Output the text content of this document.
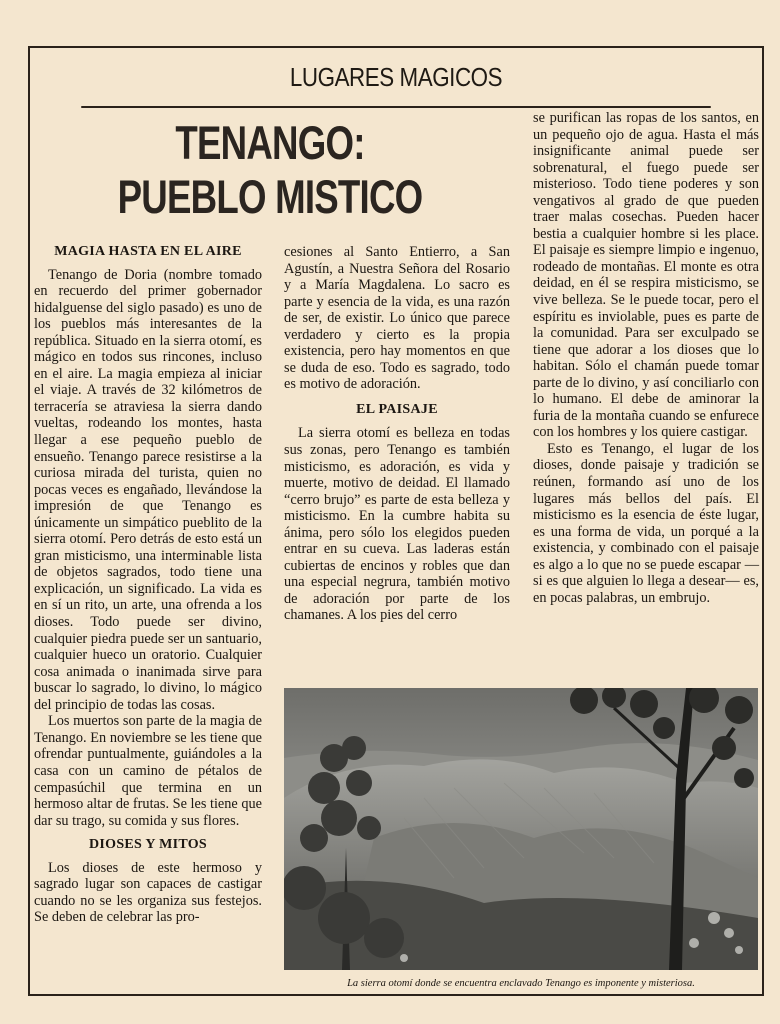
LUGARES MAGICOS
TENANGO:
PUEBLO MISTICO
MAGIA HASTA EN EL AIRE

Tenango de Doria (nombre tomado en recuerdo del primer gobernador hidalguense del siglo pasado) es uno de los pueblos más interesantes de la república. Situado en la sierra otomí, es mágico en todos sus rincones, incluso en el aire. La magia empieza al iniciar el viaje. A través de 32 kilómetros de terracería se atraviesa la sierra dando vueltas, rodeando los montes, hasta llegar a ese pequeño pueblo de ensueño. Tenango parece resistirse a la curiosa mirada del turista, quien no pocas veces es engañado, llevándose la impresión de que Tenango es únicamente un simpático pueblito de la sierra otomí. Pero detrás de esto está un gran misticismo, una interminable lista de objetos sagrados, todo tiene una explicación, un significado. La vida es en sí un rito, un arte, una ofrenda a los dioses. Todo puede ser divino, cualquier piedra puede ser un santuario, cualquier hueco un oratorio. Cualquier cosa animada o inanimada sirve para buscar lo sagrado, lo divino, lo mágico del principio de todas las cosas.

Los muertos son parte de la magia de Tenango. En noviembre se les tiene que ofrendar puntualmente, guiándoles a la casa con un camino de pétalos de cempasúchil que termina en un hermoso altar de frutas. Se les tiene que dar su trago, su comida y sus flores.

DIOSES Y MITOS

Los dioses de este hermoso y sagrado lugar son capaces de castigar cuando no se les organiza sus festejos. Se deben de celebrar las pro-

cesiones al Santo Entierro, a San Agustín, a Nuestra Señora del Rosario y a María Magdalena. Lo sacro es parte y esencia de la vida, es una razón de ser, de existir. Lo único que parece verdadero y cierto es la propia existencia, pero hay momentos en que se duda de eso. Todo es sagrado, todo es motivo de adoración.

EL PAISAJE

La sierra otomí es belleza en todas sus zonas, pero Tenango es también misticismo, es adoración, es vida y muerte, motivo de deidad. El llamado “cerro brujo” es parte de esta belleza y misticismo. En la cumbre habita su ánima, pero sólo los elegidos pueden entrar en su cueva. Las laderas están cubiertas de encinos y robles que dan una especial negrura, también motivo de adoración por parte de los chamanes. A los pies del cerro

se purifican las ropas de los santos, en un pequeño ojo de agua. Hasta el más insignificante animal puede ser sobrenatural, el fuego puede ser misterioso. Todo tiene poderes y son vengativos al grado de que pueden traer malas cosechas. Pueden hacer bestia a cualquier hombre si les place. El paisaje es siempre limpio e ingenuo, rodeado de montañas. El monte es otra deidad, en él se respira misticismo, se vive belleza. Se le puede tocar, pero el espíritu es inviolable, pues es parte de la comunidad. Para ser exculpado se tiene que adorar a los dioses que lo habitan. Sólo el chamán puede tomar parte de lo divino, y así conciliarlo con lo humano. El debe de aminorar la furia de la montaña cuando se enfurece con los hombres y los quiere castigar.

Esto es Tenango, el lugar de los dioses, donde paisaje y tradición se reúnen, formando así uno de los lugares más bellos del país. El misticismo es la esencia de éste lugar, es una forma de vida, un porqué a la existencia, y combinado con el paisaje es algo a lo que no se puede escapar —si es que alguien lo llega a desear— es, en pocas palabras, un embrujo.

La sierra otomí donde se encuentra enclavado Tenango es imponente y misteriosa.
